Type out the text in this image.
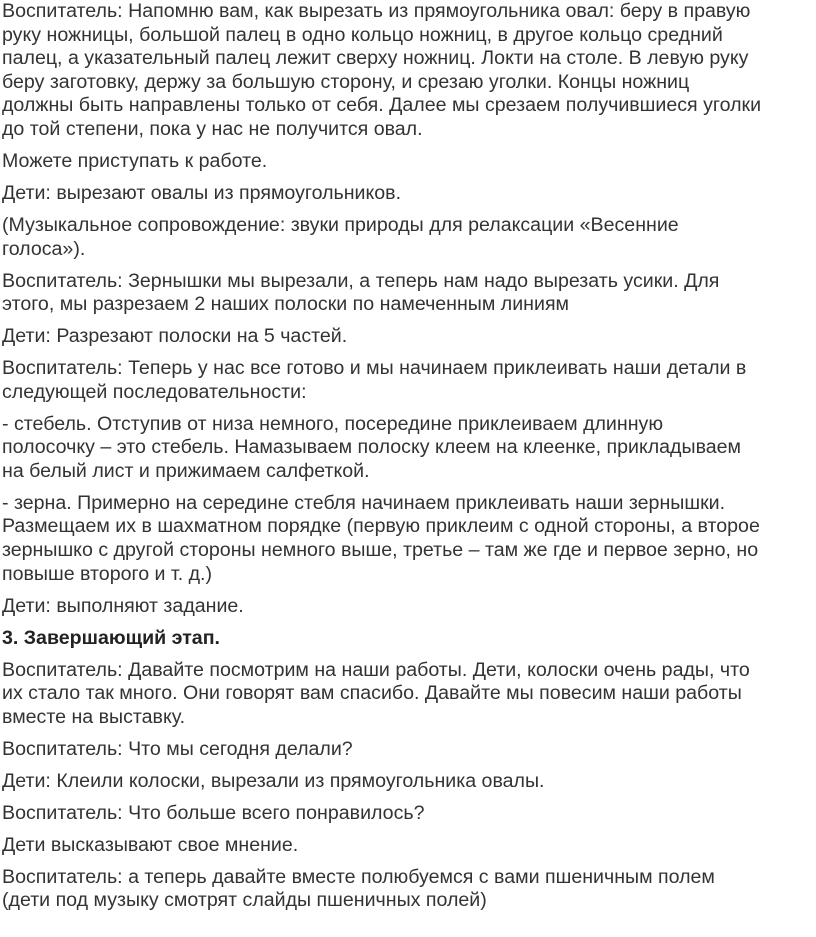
Воспитатель: Напомню вам, как вырезать из прямоугольника овал: беру в правую
руку ножницы, большой палец в одно кольцо ножниц, в другое кольцо средний
палец, а указательный палец лежит сверху ножниц. Локти на столе. В левую руку
беру заготовку, держу за большую сторону, и срезаю уголки. Концы ножниц
должны быть направлены только от себя. Далее мы срезаем получившиеся уголки
до той степени, пока у нас не получится овал.
Можете приступать к работе.
Дети: вырезают овалы из прямоугольников.
(Музыкальное сопровождение: звуки природы для релаксации «Весенние
голоса»).
Воспитатель: Зернышки мы вырезали, а теперь нам надо вырезать усики. Для
этого, мы разрезаем 2 наших полоски по намеченным линиям
Дети: Разрезают полоски на 5 частей.
Воспитатель: Теперь у нас все готово и мы начинаем приклеивать наши детали в
следующей последовательности:
- стебель. Отступив от низа немного, посередине приклеиваем длинную
полосочку – это стебель. Намазываем полоску клеем на клеенке, прикладываем
на белый лист и прижимаем салфеткой.
- зерна. Примерно на середине стебля начинаем приклеивать наши зернышки.
Размещаем их в шахматном порядке (первую приклеим с одной стороны, а второе
зернышко с другой стороны немного выше, третье – там же где и первое зерно, но
повыше второго и т. д.)
Дети: выполняют задание.
3. Завершающий этап.
Воспитатель: Давайте посмотрим на наши работы. Дети, колоски очень рады, что
их стало так много. Они говорят вам спасибо. Давайте мы повесим наши работы
вместе на выставку.
Воспитатель: Что мы сегодня делали?
Дети: Клеили колоски, вырезали из прямоугольника овалы.
Воспитатель: Что больше всего понравилось?
Дети высказывают свое мнение.
Воспитатель: а теперь давайте вместе полюбуемся с вами пшеничным полем
(дети под музыку смотрят слайды пшеничных полей)
